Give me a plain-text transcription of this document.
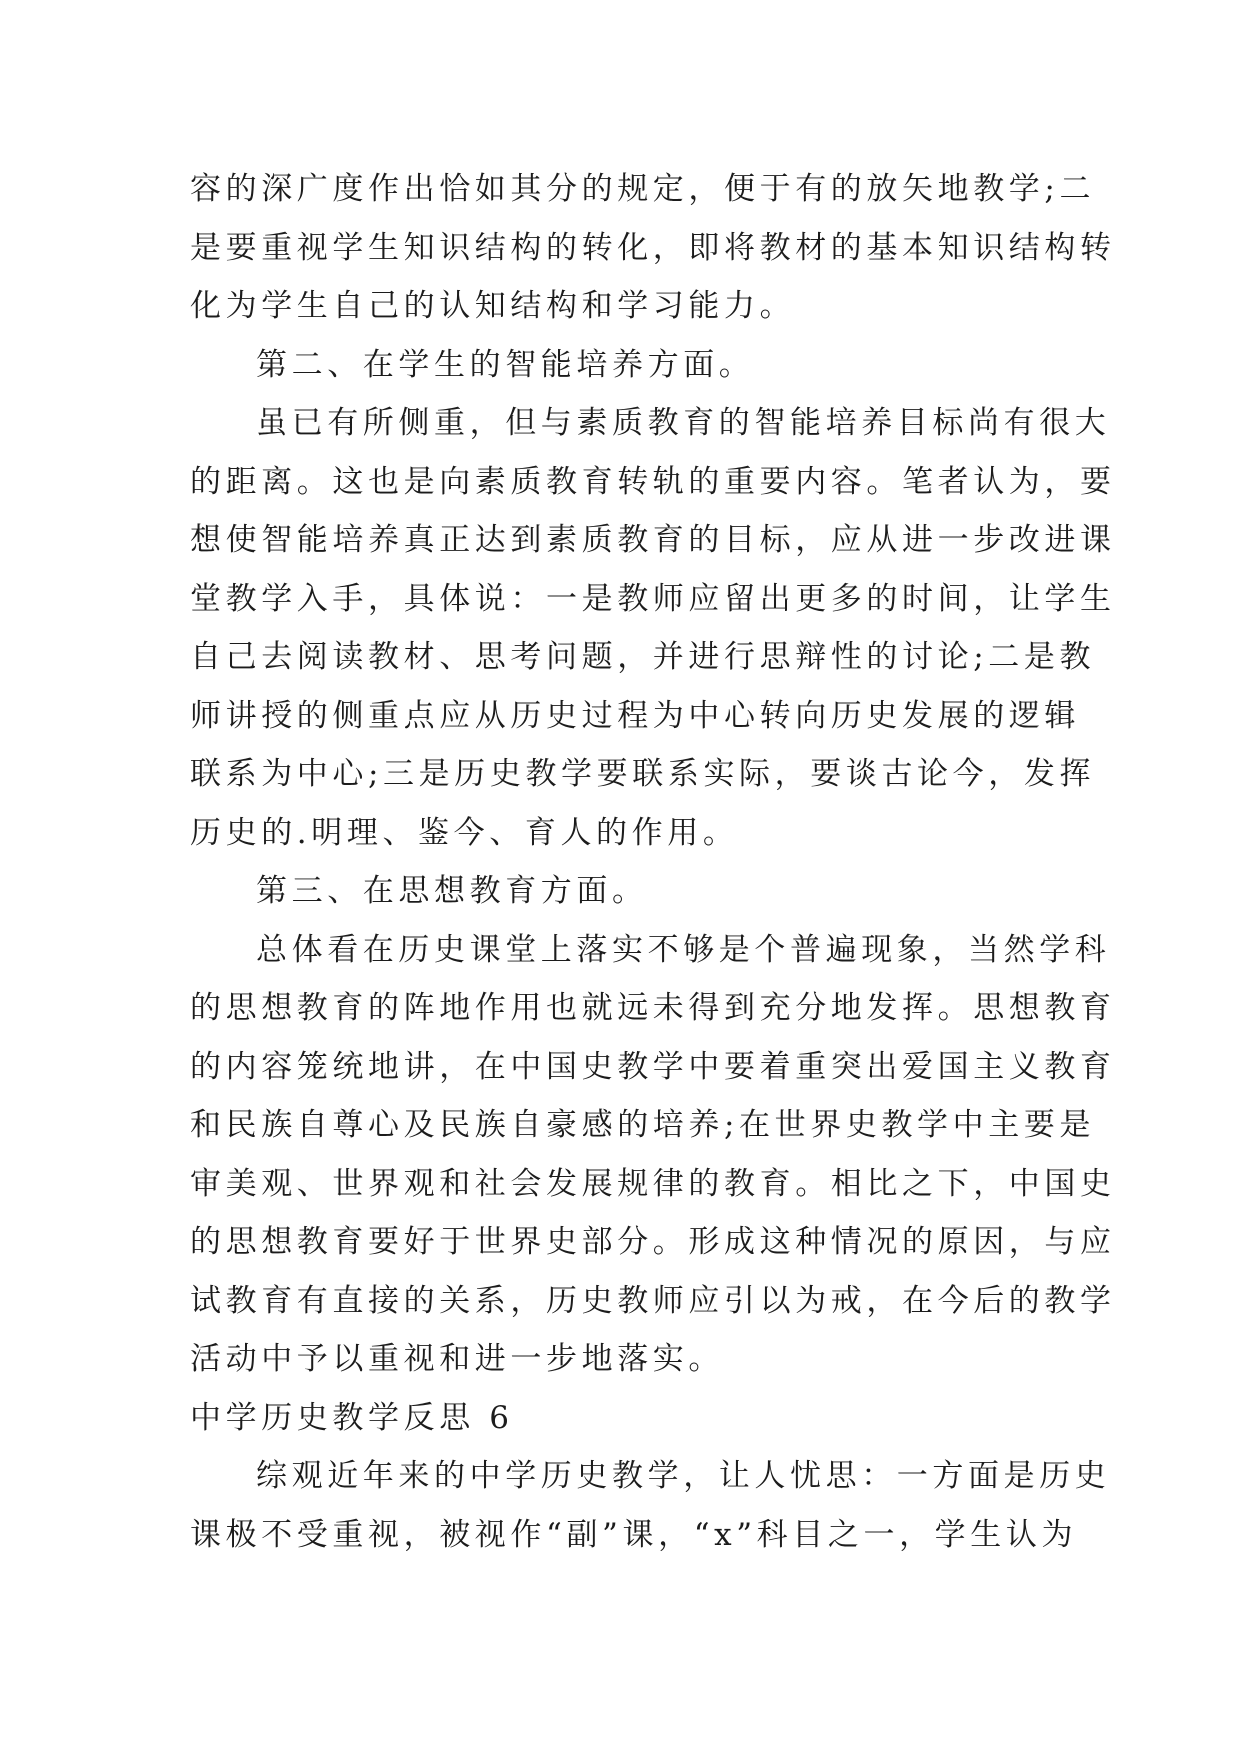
容的深广度作出恰如其分的规定，便于有的放矢地教学;二
是要重视学生知识结构的转化，即将教材的基本知识结构转
化为学生自己的认知结构和学习能力。
第二、在学生的智能培养方面。
虽已有所侧重，但与素质教育的智能培养目标尚有很大
的距离。这也是向素质教育转轨的重要内容。笔者认为，要
想使智能培养真正达到素质教育的目标，应从进一步改进课
堂教学入手，具体说：一是教师应留出更多的时间，让学生
自己去阅读教材、思考问题，并进行思辩性的讨论;二是教
师讲授的侧重点应从历史过程为中心转向历史发展的逻辑
联系为中心;三是历史教学要联系实际，要谈古论今，发挥
历史的.明理、鉴今、育人的作用。
第三、在思想教育方面。
总体看在历史课堂上落实不够是个普遍现象，当然学科
的思想教育的阵地作用也就远未得到充分地发挥。思想教育
的内容笼统地讲，在中国史教学中要着重突出爱国主义教育
和民族自尊心及民族自豪感的培养;在世界史教学中主要是
审美观、世界观和社会发展规律的教育。相比之下，中国史
的思想教育要好于世界史部分。形成这种情况的原因，与应
试教育有直接的关系，历史教师应引以为戒，在今后的教学
活动中予以重视和进一步地落实。
中学历史教学反思 6
综观近年来的中学历史教学，让人忧思：一方面是历史
课极不受重视，被视作“副”课，“x”科目之一，学生认为
